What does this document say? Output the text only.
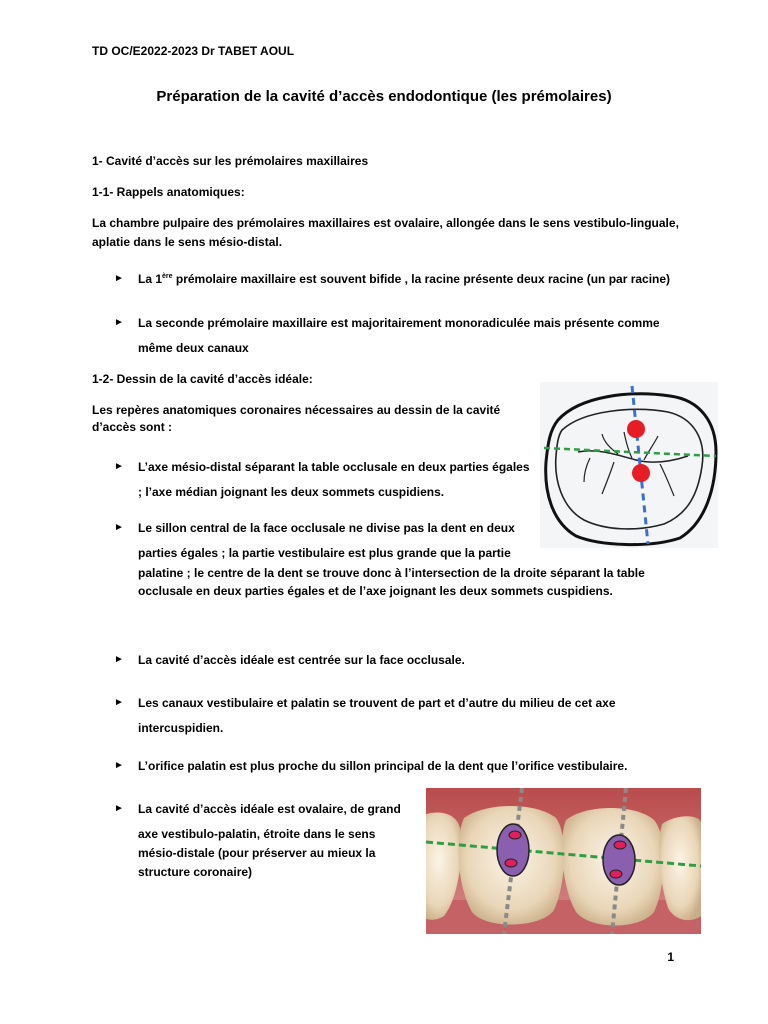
TD OC/E2022-2023 Dr TABET AOUL
Préparation de la cavité d’accès endodontique (les prémolaires)
1- Cavité d’accès sur les prémolaires maxillaires
1-1- Rappels anatomiques:
La chambre pulpaire des prémolaires maxillaires est ovalaire, allongée dans le sens vestibulo-linguale,
aplatie dans le sens mésio-distal.
► La 1ère prémolaire maxillaire est souvent bifide , la racine présente deux racine (un par racine)
► La seconde prémolaire maxillaire est majoritairement monoradiculée mais présente comme
même deux canaux
1-2- Dessin de la cavité d’accès idéale:
Les repères anatomiques coronaires nécessaires au dessin de la cavité
d’accès sont :
► L’axe mésio-distal séparant la table occlusale en deux parties égales
; l’axe médian joignant les deux sommets cuspidiens.
► Le sillon central de la face occlusale ne divise pas la dent en deux
parties égales ; la partie vestibulaire est plus grande que la partie
palatine ; le centre de la dent se trouve donc à l’intersection de la droite séparant la table
occlusale en deux parties égales et de l’axe joignant les deux sommets cuspidiens.
► La cavité d’accès idéale est centrée sur la face occlusale.
► Les canaux vestibulaire et palatin se trouvent de part et d’autre du milieu de cet axe
intercuspidien.
► L’orifice palatin est plus proche du sillon principal de la dent que l’orifice vestibulaire.
► La cavité d’accès idéale est ovalaire, de grand
axe vestibulo-palatin, étroite dans le sens
mésio-distale (pour préserver au mieux la
structure coronaire)
1
